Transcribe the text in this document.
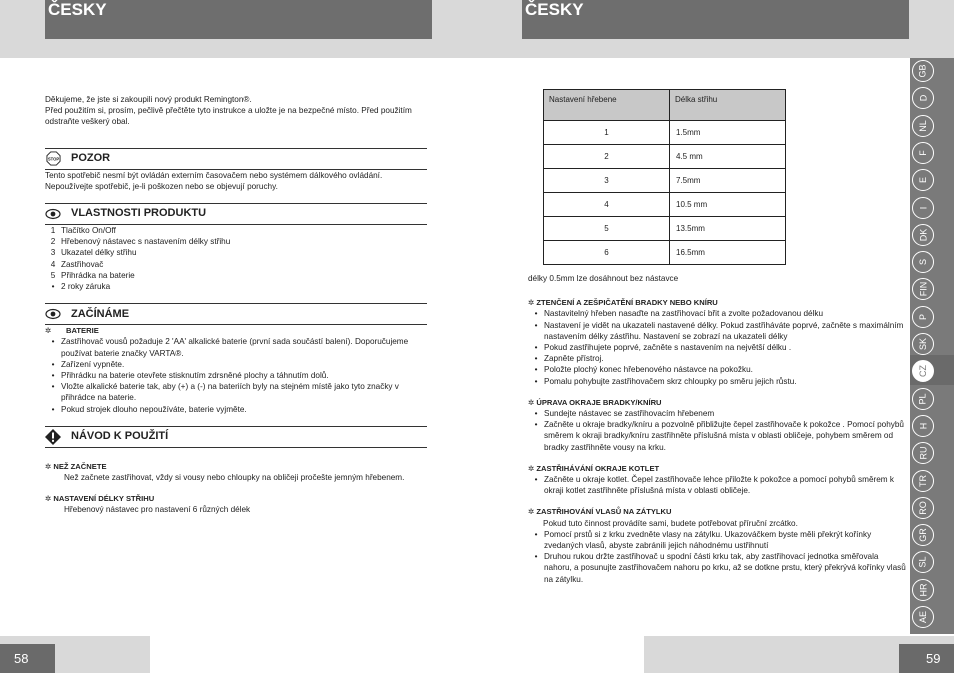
ČESKY	ČESKY
GB
D
NL
F
E
I
DK
S
FIN
P
SK
CZ
PL
H
RU
TR
RO
GR
SL
HR
AE
58	59

Děkujeme, že jste si zakoupili nový produkt Remington®.

Před použitím si, prosím, pečlivě přečtěte tyto instrukce a uložte je na bezpečné místo. Před použitím odstraňte veškerý obal.

STOP POZOR

Tento spotřebič nesmí být ovládán externím časovačem nebo systémem dálkového ovládání.

Nepoužívejte spotřebič, je-li poškozen nebo se objevují poruchy.

VLASTNOSTI PRODUKTU
1 Tlačítko On/Off
2 Hřebenový nástavec s nastavením délky střihu
3 Ukazatel délky střihu
4 Zastřihovač
5 Přihrádka na baterie
• 2 roky záruka
ZAČÍNÁME
✲	BATERIE
• Zastřihovač vousů požaduje 2 'AA' alkalické baterie (první sada součástí balení). Doporučujeme používat baterie značky VARTA®.
• Zařízení vypněte.
• Přihrádku na baterie otevřete stisknutím zdrsněné plochy a táhnutím dolů.
• Vložte alkalické baterie tak, aby (+) a (-) na bateriích byly na stejném místě jako tyto značky v přihrádce na baterie.
• Pokud strojek dlouho nepoužíváte, baterie vyjměte.
NÁVOD K POUŽITÍ
✲ NEŽ ZAČNETE

Než začnete zastřihovat, vždy si vousy nebo chloupky na obličeji pročešte jemným hřebenem.

✲ NASTAVENÍ DÉLKY STŘIHU

Hřebenový nástavec pro nastavení 6 různých délek

Nastavení hřebene	Délka střihu
1	1.5mm
2	4.5 mm
3	7.5mm
4	10.5 mm
5	13.5mm
6	16.5mm

délky 0.5mm lze dosáhnout bez nástavce

✲ ZTENČENÍ A ZEŠPIČATĚNÍ BRADKY NEBO KNÍRU
• Nastavitelný hřeben nasaďte na zastřihovací břit a zvolte požadovanou délku
• Nastavení je vidět na ukazateli nastavené délky. Pokud zastřiháváte poprvé, začněte s maximálním nastavením délky zástřihu. Nastavení se zobrazí na ukazateli délky
• Pokud zastřihujete poprvé, začněte s nastavením na největší délku .
• Zapněte přístroj.
• Položte plochý konec hřebenového nástavce na pokožku.
• Pomalu pohybujte zastřihovačem skrz chloupky po směru jejich růstu.
✲ ÚPRAVA OKRAJE BRADKY/KNÍRU
• Sundejte nástavec se zastřihovacím hřebenem
• Začněte u okraje bradky/kníru a pozvolně přibližujte čepel zastřihovače k pokožce . Pomocí pohybů směrem k okraji bradky/kníru zastřihněte příslušná místa v oblasti obličeje, pohybem směrem od bradky zastřihněte vousy na krku.
✲ ZASTŘIHÁVÁNÍ OKRAJE KOTLET
• Začněte u okraje kotlet. Čepel zastřihovače lehce přiložte k pokožce a pomocí pohybů směrem k okraji kotlet zastřihněte příslušná místa v oblasti obličeje.
✲ ZASTŘIHOVÁNÍ VLASŮ NA ZÁTYLKU

Pokud tuto činnost provádíte sami, budete potřebovat příruční zrcátko.

• Pomocí prstů si z krku zvedněte vlasy na zátylku. Ukazováčkem byste měli překrýt kořínky zvedaných vlasů, abyste zabránili jejich náhodnému ustřihnutí
• Druhou rukou držte zastřihovač u spodní části krku tak, aby zastřihovací jednotka směřovala nahoru, a posunujte zastřihovačem nahoru po krku, až se dotkne prstu, který překrývá kořínky vlasů na zátylku.
